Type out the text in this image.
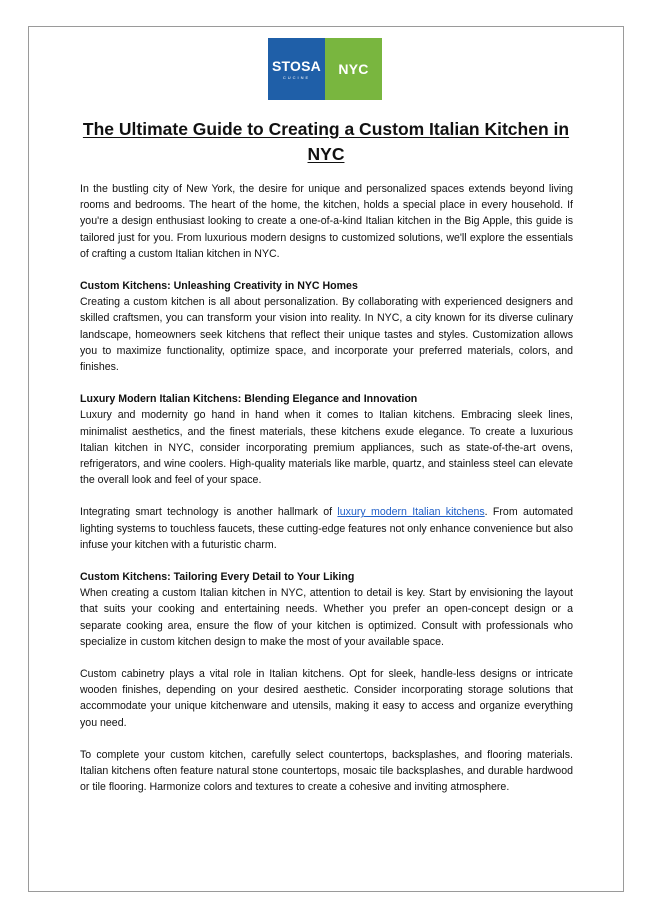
STOSA
CUCINE NYC
The Ultimate Guide to Creating a Custom Italian Kitchen in NYC

In the bustling city of New York, the desire for unique and personalized spaces extends beyond living rooms and bedrooms. The heart of the home, the kitchen, holds a special place in every household. If you're a design enthusiast looking to create a one-of-a-kind Italian kitchen in the Big Apple, this guide is tailored just for you. From luxurious modern designs to customized solutions, we'll explore the essentials of crafting a custom Italian kitchen in NYC.

Custom Kitchens: Unleashing Creativity in NYC Homes

Creating a custom kitchen is all about personalization. By collaborating with experienced designers and skilled craftsmen, you can transform your vision into reality. In NYC, a city known for its diverse culinary landscape, homeowners seek kitchens that reflect their unique tastes and styles. Customization allows you to maximize functionality, optimize space, and incorporate your preferred materials, colors, and finishes.

Luxury Modern Italian Kitchens: Blending Elegance and Innovation

Luxury and modernity go hand in hand when it comes to Italian kitchens. Embracing sleek lines, minimalist aesthetics, and the finest materials, these kitchens exude elegance. To create a luxurious Italian kitchen in NYC, consider incorporating premium appliances, such as state-of-the-art ovens, refrigerators, and wine coolers. High-quality materials like marble, quartz, and stainless steel can elevate the overall look and feel of your space.

Integrating smart technology is another hallmark of luxury modern Italian kitchens. From automated lighting systems to touchless faucets, these cutting-edge features not only enhance convenience but also infuse your kitchen with a futuristic charm.

Custom Kitchens: Tailoring Every Detail to Your Liking

When creating a custom Italian kitchen in NYC, attention to detail is key. Start by envisioning the layout that suits your cooking and entertaining needs. Whether you prefer an open-concept design or a separate cooking area, ensure the flow of your kitchen is optimized. Consult with professionals who specialize in custom kitchen design to make the most of your available space.

Custom cabinetry plays a vital role in Italian kitchens. Opt for sleek, handle-less designs or intricate wooden finishes, depending on your desired aesthetic. Consider incorporating storage solutions that accommodate your unique kitchenware and utensils, making it easy to access and organize everything you need.

To complete your custom kitchen, carefully select countertops, backsplashes, and flooring materials. Italian kitchens often feature natural stone countertops, mosaic tile backsplashes, and durable hardwood or tile flooring. Harmonize colors and textures to create a cohesive and inviting atmosphere.
